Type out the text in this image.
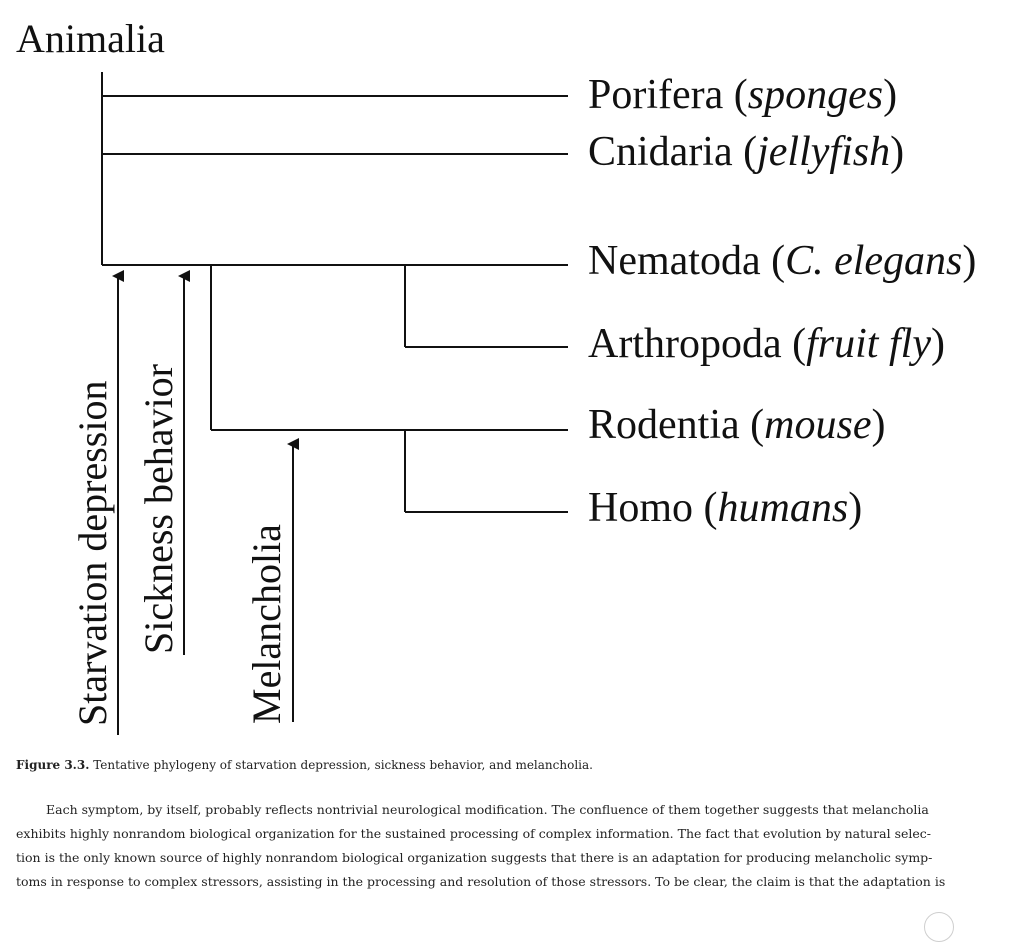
Animalia
Porifera (sponges)
Cnidaria (jellyfish)
Nematoda (C. elegans)
Arthropoda (fruit fly)
Rodentia (mouse)
Homo (humans)
Starvation depression Sickness behavior Melancholia
Figure 3.3. Tentative phylogeny of starvation depression, sickness behavior, and melancholia.
Each symptom, by itself, probably reflects nontrivial neurological modification. The confluence of them together suggests that melancholia
exhibits highly nonrandom biological organization for the sustained processing of complex information. The fact that evolution by natural selec-
tion is the only known source of highly nonrandom biological organization suggests that there is an adaptation for producing melancholic symp-
toms in response to complex stressors, assisting in the processing and resolution of those stressors. To be clear, the claim is that the adaptation is
